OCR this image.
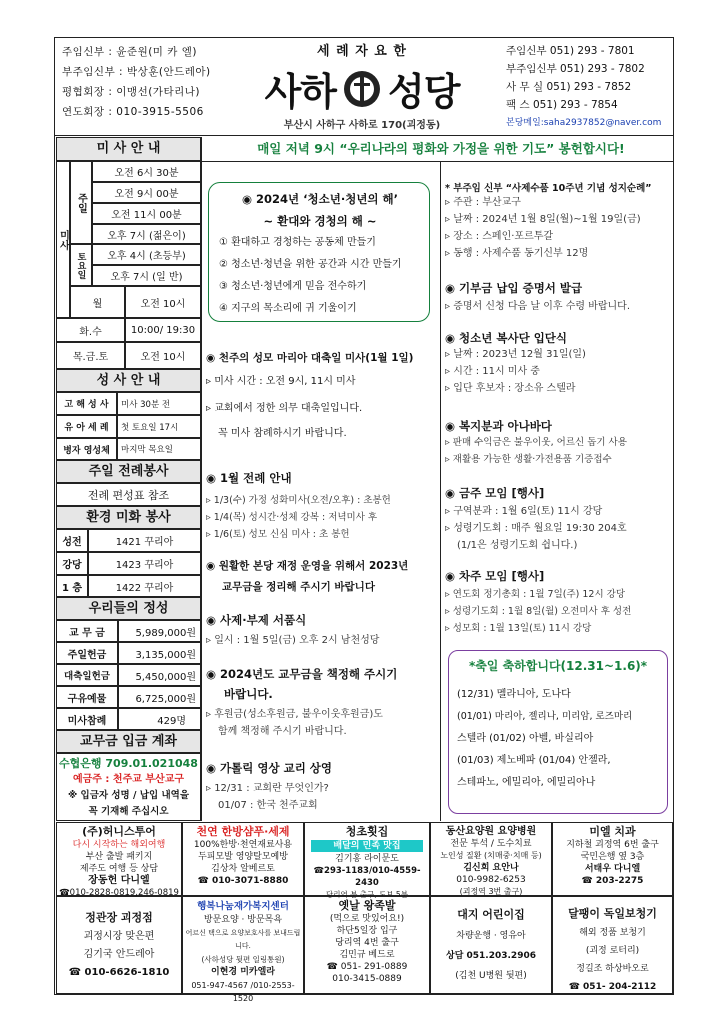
주임신부 : 윤준원(미 카 엘)
부주임신부 : 박상훈(안드레아)
평협회장 : 이맹선(가타리나)
연도회장 : 010-3915-5506
세 례 자 요 한
사하 성당
부산시 사하구 사하로 170(괴정동)
주임신부 051) 293 - 7801
부주임신부 051) 293 - 7802
사 무 실 051) 293 - 7852
팩 스 051) 293 - 7854
본당메일:saha2937852@naver.com
미 사 안 내	매일 저녁 9시 “우리나라의 평화와 가정을 위한 기도” 봉헌합시다!
미사
주일
오전 6시 30분
오전 9시 00분
오전 11시 00분
오후 7시 (젊은이)
토요일	오후 4시 (초등부)
오후 7시 (일 반)
월	오전 10시
화.수	10:00/ 19:30
목.금.토	오전 10시
성 사 안 내
고 해 성 사	미사 30분 전
유 아 세 례	첫 토요일 17시
병자 영성체	마지막 목요일
주일 전례봉사
전례 편성표 참조
환경 미화 봉사
성전	1421 꾸리아
강당	1423 꾸리아
1 층	1422 꾸리아
우리들의 정성
교 무 금	5,989,000원
주일헌금	3,135,000원
대축일헌금	5,450,000원
구유예물	6,725,000원
미사참례	429명
교무금 입금 계좌
수협은행 709.01.021048
예금주 : 천주교 부산교구
※ 입금자 성명 / 납입 내역을
꼭 기재해 주십시오
◉ 2024년 ‘청소년·청년의 해’
~ 환대와 경청의 해 ~
① 환대하고 경청하는 공동체 만들기
② 청소년·청년을 위한 공간과 시간 만들기
③ 청소년·청년에게 믿음 전수하기
④ 지구의 목소리에 귀 기울이기
◉ 천주의 성모 마리아 대축일 미사(1월 1일)
▹ 미사 시간 : 오전 9시, 11시 미사
▹ 교회에서 정한 의무 대축일입니다.
꼭 미사 참례하시기 바랍니다.
◉ 1월 전례 안내
▹ 1/3(수) 가정 성화미사(오전/오후) : 초봉헌
▹ 1/4(목) 성시간·성체 강복 : 저녁미사 후
▹ 1/6(토) 성모 신심 미사 : 초 봉헌
◉ 원활한 본당 재정 운영을 위해서 2023년
교무금을 정리해 주시기 바랍니다
◉ 사제·부제 서품식
▹ 일시 : 1월 5일(금) 오후 2시 남천성당
◉ 2024년도 교무금을 책정해 주시기
바랍니다.
▹ 후원금(성소후원금, 불우이웃후원금)도
함께 책정해 주시기 바랍니다.
◉ 가톨릭 영상 교리 상영
▹ 12/31 : 교회란 무엇인가?
01/07 : 한국 천주교회
* 부주임 신부 “사제수품 10주년 기념 성지순례”
▹ 주관 : 부산교구
▹ 날짜 : 2024년 1월 8일(월)~1월 19일(금)
▹ 장소 : 스페인·포르투갈
▹ 동행 : 사제수품 동기신부 12명
◉ 기부금 납입 증명서 발급
▹ 증명서 신청 다음 날 이후 수령 바랍니다.
◉ 청소년 복사단 입단식
▹ 날짜 : 2023년 12월 31일(일)
▹ 시간 : 11시 미사 중
▹ 입단 후보자 : 장소유 스텔라
◉ 복지분과 아나바다
▹ 판매 수익금은 불우이웃, 어르신 돕기 사용
▹ 재활용 가능한 생활·가전용품 기증접수
◉ 금주 모임 [행사]
▹ 구역분과 : 1월 6일(토) 11시 강당
▹ 성령기도회 : 매주 월요일 19:30 204호
(1/1은 성령기도회 쉽니다.)
◉ 차주 모임 [행사]
▹ 연도회 정기총회 : 1월 7일(주) 12시 강당
▹ 성령기도회 : 1월 8일(월) 오전미사 후 성전
▹ 성모회 : 1월 13일(토) 11시 강당
*축일 축하합니다(12.31~1.6)*
(12/31) 멜라니아, 도나다
(01/01) 마리아, 젤리나, 미리암, 로즈마리
스텔라 (01/02) 아벨, 바실리아
(01/03) 제노베파 (01/04) 안젤라,
스테파노, 에밀리아, 에밀리아나
(주)허니스투어
다시 시작하는 해외여행
부산 출발 패키지
제주도 여행 등 상담
장동헌 다니엘
☎010-2828-0819,246-0819
천연 한방샴푸·세제
100%한방·천연재료사용
두피모발 영양탈모예방
김상차 알베르토
☎ 010-3071-8880
청초횟집
배달의 민족 맛집
김기홍 라이문도
☎293-1183/010-4559-2430
당리역 분 출구, 도보 5분
동산요양원 요양병원
전문 투석 / 도수치료
노인성 질환 (치매중·치매 등)
김신희 요안나
010-9982-6253
(괴정역 3번 출구)
미엘 치과
지하철 괴정역 6번 출구
국민은행 옆 3층
서태우 다니엘
☎ 203-2275
정관장 괴정점
괴정시장 맞은편
김기국 안드레아
☎ 010-6626-1810
행복나눔재가복지센터
방문요양 · 방문목욕
어르신 택으로 요양보호사를 보내드립니다.
(사하성당 뒷편 일링통원)
이현경 미카엘라
051-947-4567 /010-2553-1520
옛날 왕족발
(먹으로 맛있어요!)
하단5일장 입구
당리역 4번 출구
김민규 베드로
☎ 051- 291-0889
010-3415-0889
대지 어린이집
차량운행 · 영유아
상담 051.203.2906
(김천 U병원 뒷편)
달팽이 독일보청기
해외 정품 보청기
(괴정 로터리)
정길조 하상바오로
☎ 051- 204-2112
